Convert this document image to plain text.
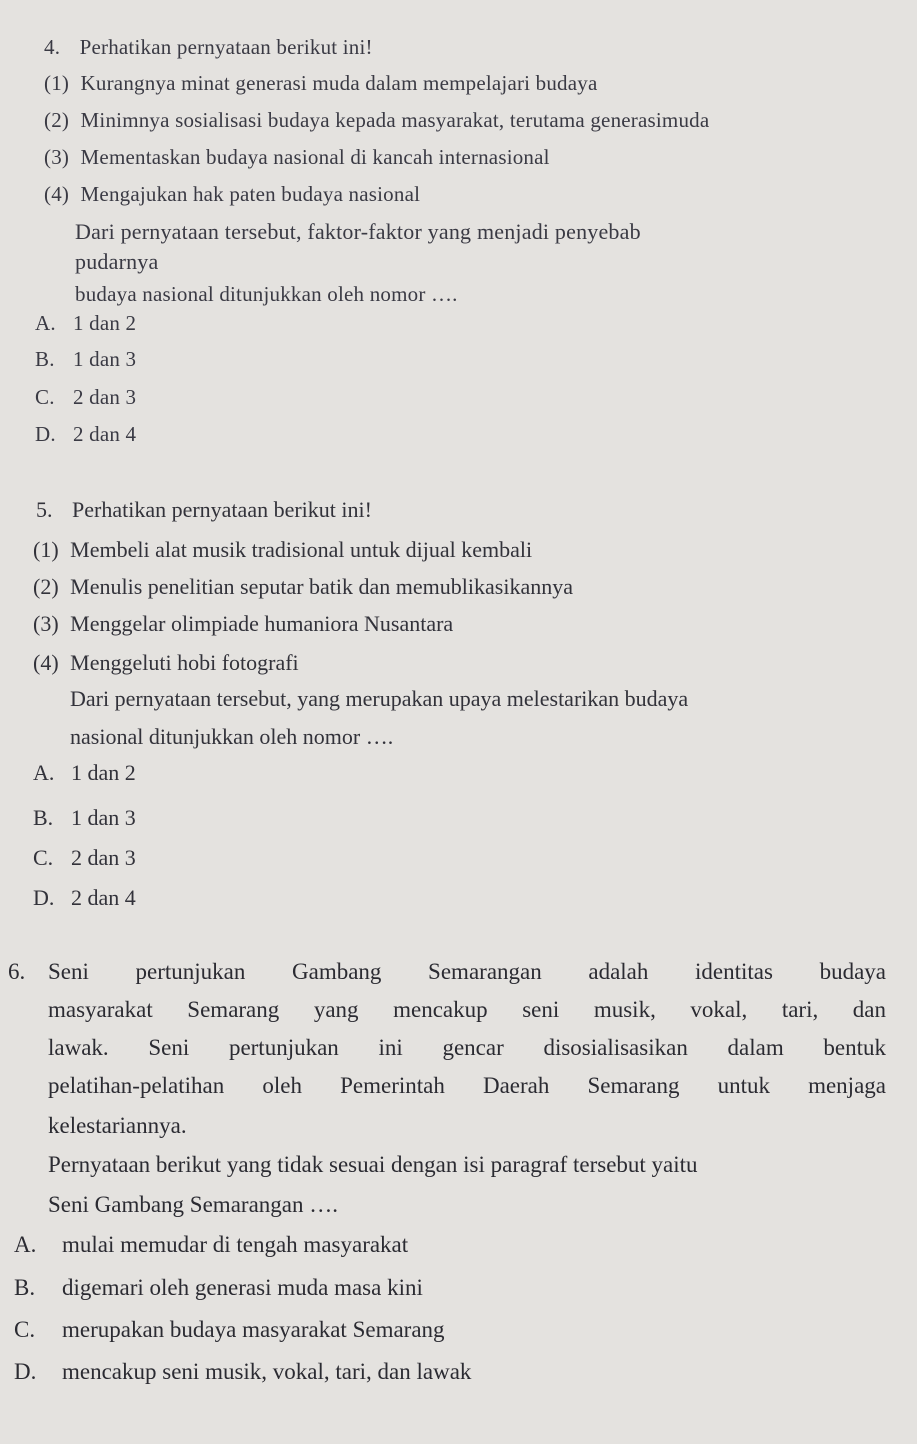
4. Perhatikan pernyataan berikut ini!
(1) Kurangnya minat generasi muda dalam mempelajari budaya
(2) Minimnya sosialisasi budaya kepada masyarakat, terutama generasimuda
(3) Mementaskan budaya nasional di kancah internasional
(4) Mengajukan hak paten budaya nasional
Dari pernyataan tersebut, faktor-faktor yang menjadi penyebab
pudarnya
budaya nasional ditunjukkan oleh nomor ….
A. 1 dan 2
B. 1 dan 3
C. 2 dan 3
D. 2 dan 4
5. Perhatikan pernyataan berikut ini!
(1) Membeli alat musik tradisional untuk dijual kembali
(2) Menulis penelitian seputar batik dan memublikasikannya
(3) Menggelar olimpiade humaniora Nusantara
(4) Menggeluti hobi fotografi
Dari pernyataan tersebut, yang merupakan upaya melestarikan budaya
nasional ditunjukkan oleh nomor ….
A. 1 dan 2
B. 1 dan 3
C. 2 dan 3
D. 2 dan 4
6. Seni pertunjukan Gambang Semarangan adalah identitas budaya
masyarakat Semarang yang mencakup seni musik, vokal, tari, dan
lawak. Seni pertunjukan ini gencar disosialisasikan dalam bentuk
pelatihan-pelatihan oleh Pemerintah Daerah Semarang untuk menjaga
kelestariannya.
Pernyataan berikut yang tidak sesuai dengan isi paragraf tersebut yaitu
Seni Gambang Semarangan ….
A. mulai memudar di tengah masyarakat
B. digemari oleh generasi muda masa kini
C. merupakan budaya masyarakat Semarang
D. mencakup seni musik, vokal, tari, dan lawak
